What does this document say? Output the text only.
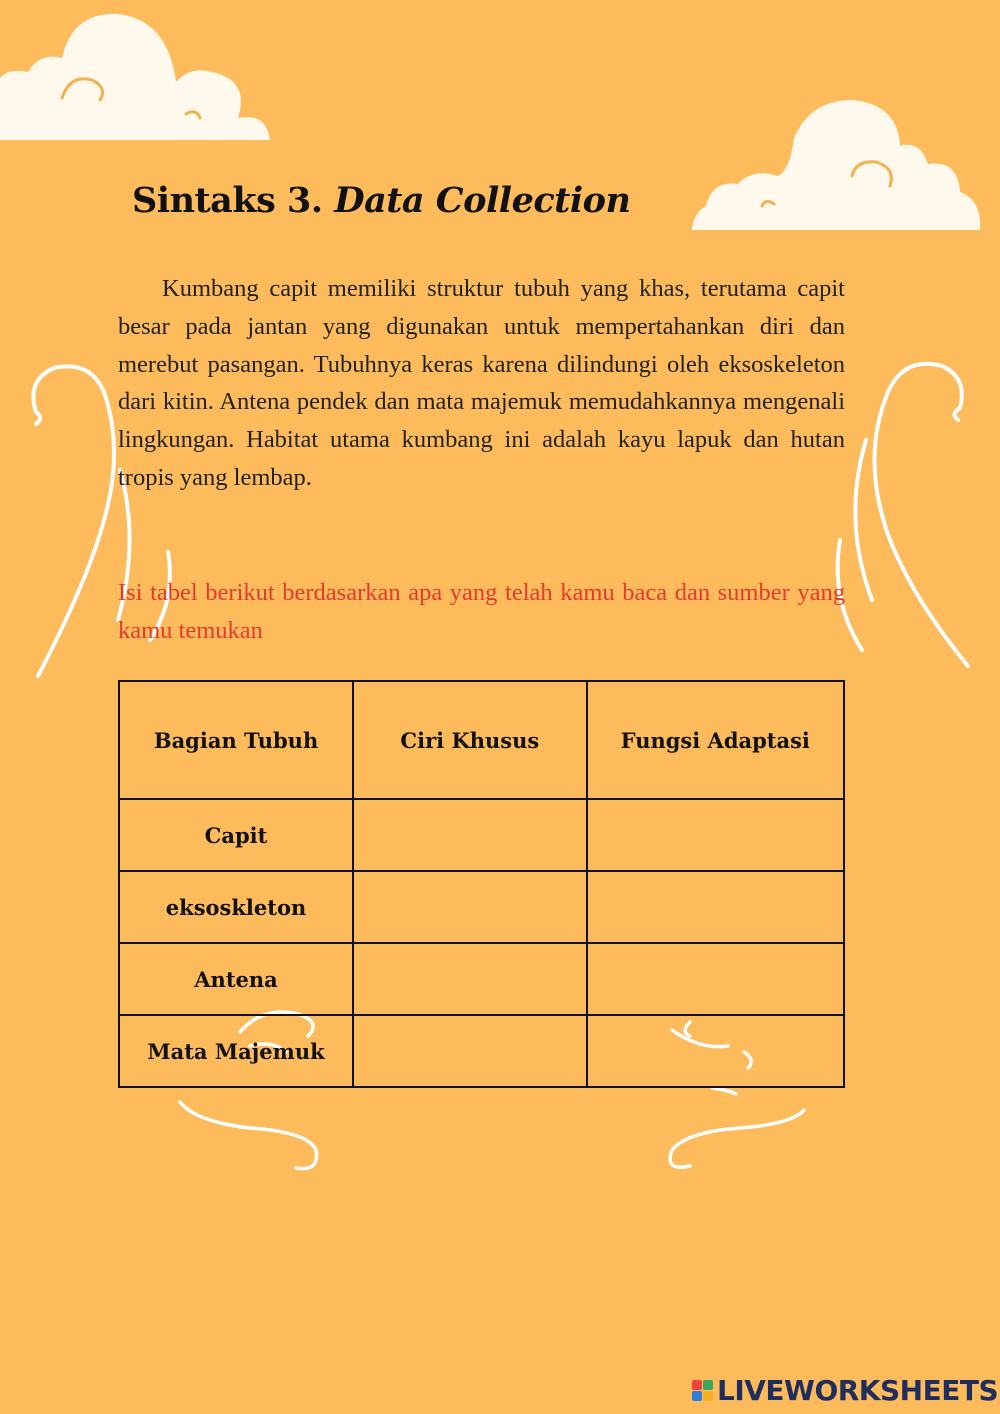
Sintaks 3. Data Collection

Kumbang capit memiliki struktur tubuh yang khas, terutama capit besar pada jantan yang digunakan untuk mempertahankan diri dan merebut pasangan. Tubuhnya keras karena dilindungi oleh eksoskeleton dari kitin. Antena pendek dan mata majemuk memudahkannya mengenali lingkungan. Habitat utama kumbang ini adalah kayu lapuk dan hutan tropis yang lembap.

Isi tabel berikut berdasarkan apa yang telah kamu baca dan sumber yang kamu temukan

Bagian Tubuh	Ciri Khusus	Fungsi Adaptasi
Capit		
eksoskleton		
Antena		
Mata Majemuk		
LIVEWORKSHEETS
